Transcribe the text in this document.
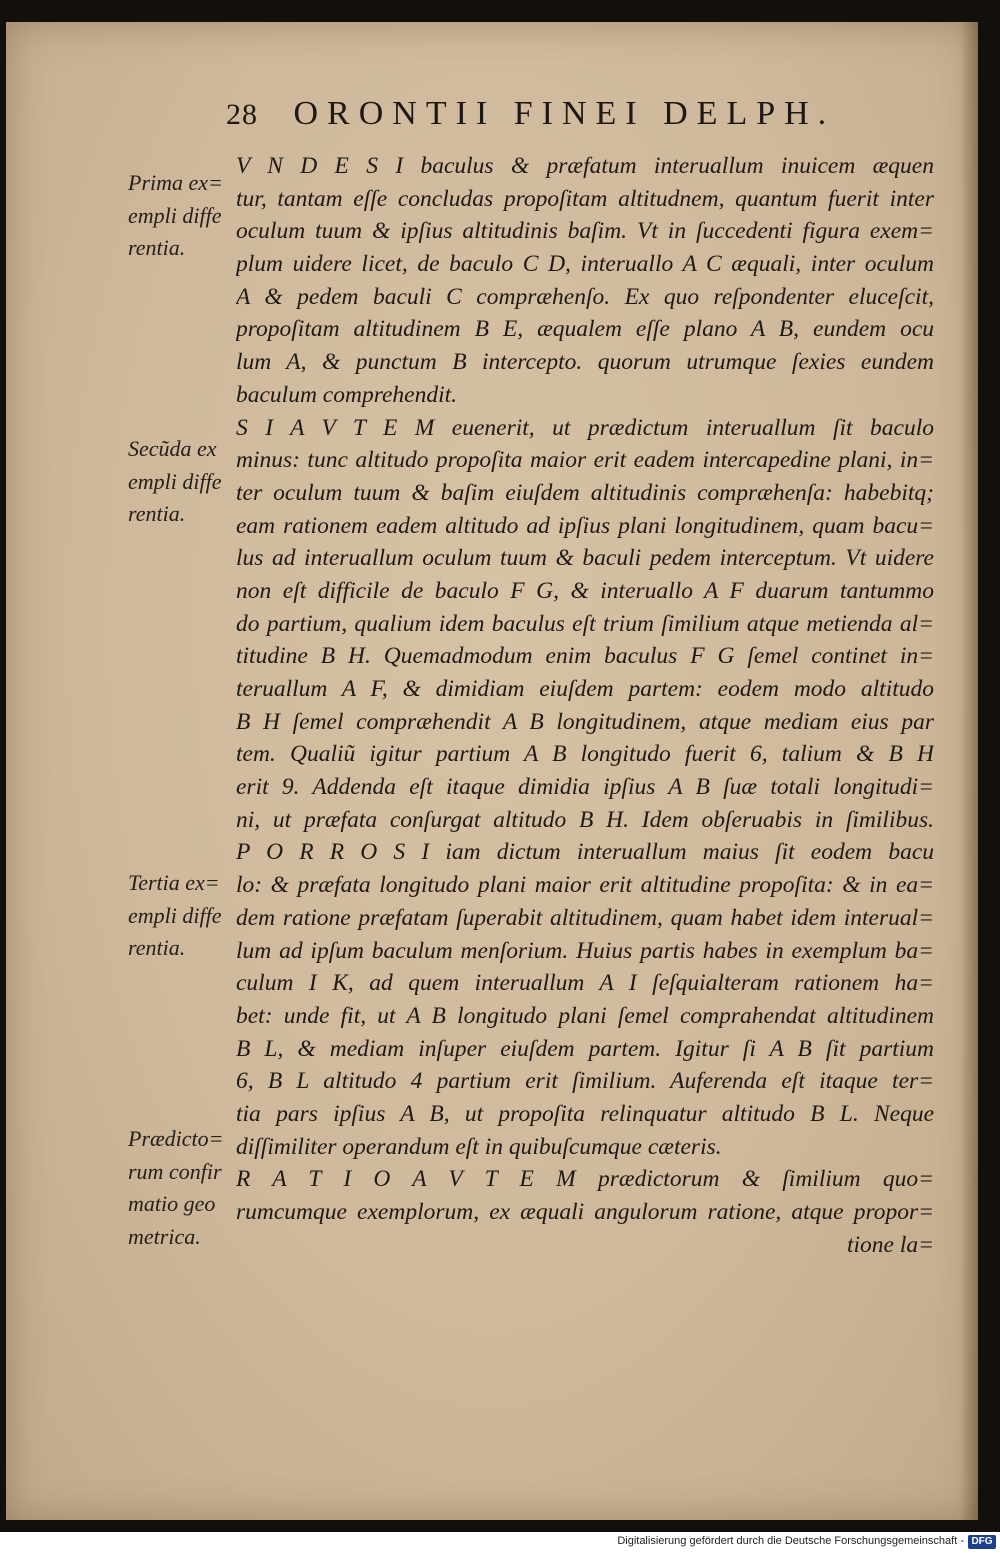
28 ORONTII FINEI DELPH.
Prima ex=
empli diffe
rentia.
Secũda ex
empli diffe
rentia.
Tertia ex=
empli diffe
rentia.
Prædicto=
rum confir
matio geo
metrica.
V N D E S I baculus & præfatum interuallum inuicem æquen
tur, tantam eſſe concludas propoſitam altitudnem, quantum fuerit inter
oculum tuum & ipſius altitudinis baſim. Vt in ſuccedenti figura exem=
plum uidere licet, de baculo C D, interuallo A C æquali, inter oculum
A & pedem baculi C compræhenſo. Ex quo reſpondenter eluceſcit,
propoſitam altitudinem B E, æqualem eſſe plano A B, eundem ocu
lum A, & punctum B intercepto. quorum utrumque ſexies eundem
baculum comprehendit.
S I A V T E M euenerit, ut prædictum interuallum ſit baculo
minus: tunc altitudo propoſita maior erit eadem intercapedine plani, in=
ter oculum tuum & baſim eiuſdem altitudinis compræhenſa: habebitq;
eam rationem eadem altitudo ad ipſius plani longitudinem, quam bacu=
lus ad interuallum oculum tuum & baculi pedem interceptum. Vt uidere
non eſt difficile de baculo F G, & interuallo A F duarum tantummo
do partium, qualium idem baculus eſt trium ſimilium atque metienda al=
titudine B H. Quemadmodum enim baculus F G ſemel continet in=
teruallum A F, & dimidiam eiuſdem partem: eodem modo altitudo
B H ſemel compræhendit A B longitudinem, atque mediam eius par
tem. Qualiũ igitur partium A B longitudo fuerit 6, talium & B H
erit 9. Addenda eſt itaque dimidia ipſius A B ſuæ totali longitudi=
ni, ut præfata conſurgat altitudo B H. Idem obſeruabis in ſimilibus.
P O R R O S I iam dictum interuallum maius ſit eodem bacu
lo: & præfata longitudo plani maior erit altitudine propoſita: & in ea=
dem ratione præfatam ſuperabit altitudinem, quam habet idem interual=
lum ad ipſum baculum menſorium. Huius partis habes in exemplum ba=
culum I K, ad quem interuallum A I ſeſquialteram rationem ha=
bet: unde fit, ut A B longitudo plani ſemel comprahendat altitudinem
B L, & mediam inſuper eiuſdem partem. Igitur ſi A B ſit partium
6, B L altitudo 4 partium erit ſimilium. Auferenda eſt itaque ter=
tia pars ipſius A B, ut propoſita relinquatur altitudo B L. Neque
diſſimiliter operandum eſt in quibuſcumque cæteris.
R A T I O A V T E M prædictorum & ſimilium quo=
rumcumque exemplorum, ex æquali angulorum ratione, atque propor=
tione la=
Digitalisierung gefördert durch die Deutsche Forschungsgemeinschaft - DFG
